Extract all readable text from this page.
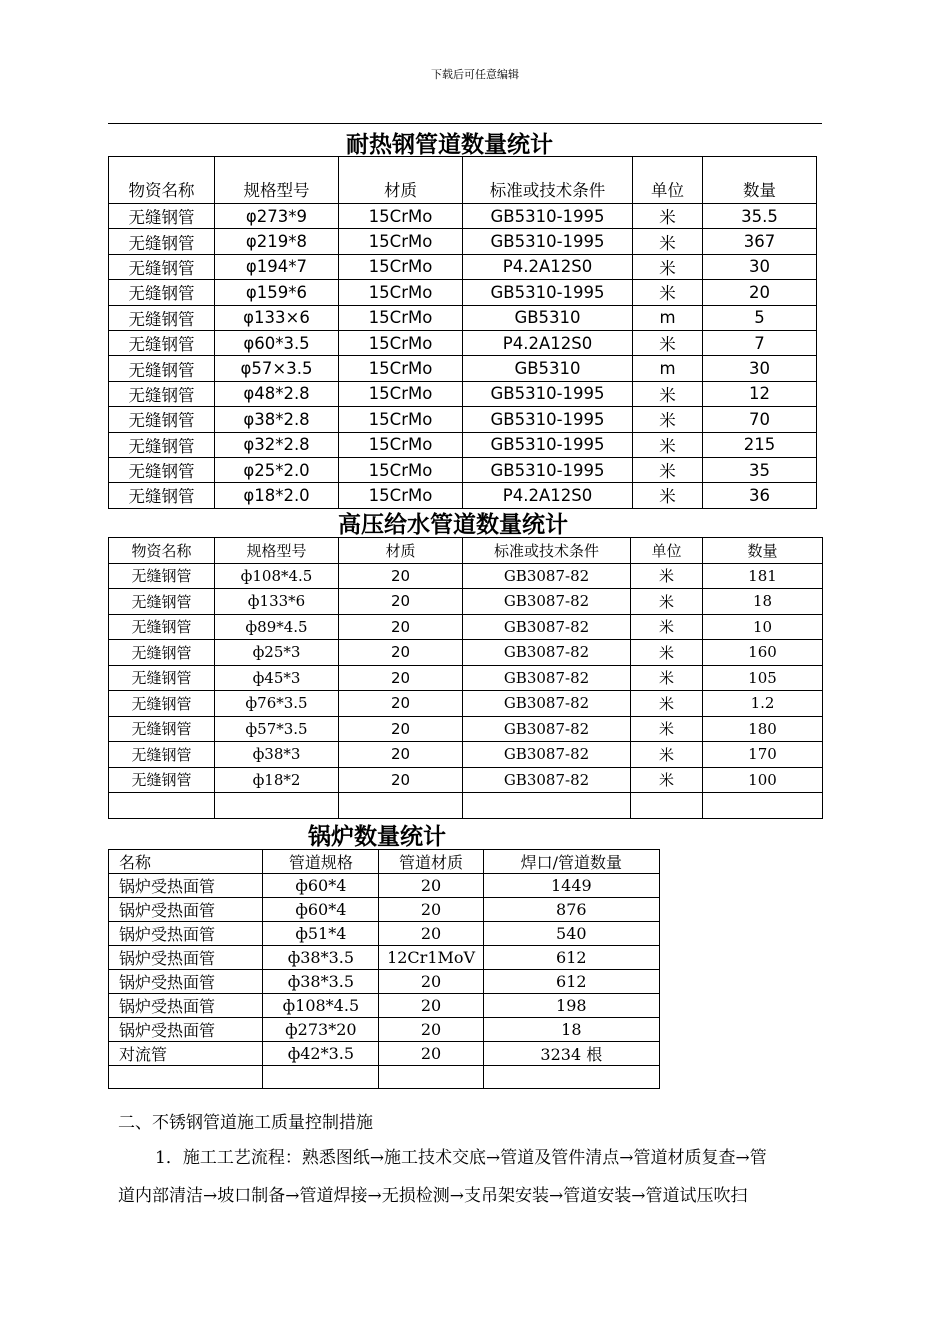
下载后可任意编辑
耐热钢管道数量统计
物资名称	规格型号	材质	标准或技术条件	单位	数量
无缝钢管	φ273*9	15CrMo	GB5310-1995	米	35.5
无缝钢管	φ219*8	15CrMo	GB5310-1995	米	367
无缝钢管	φ194*7	15CrMo	P4.2A12S0	米	30
无缝钢管	φ159*6	15CrMo	GB5310-1995	米	20
无缝钢管	φ133×6	15CrMo	GB5310	m	5
无缝钢管	φ60*3.5	15CrMo	P4.2A12S0	米	7
无缝钢管	φ57×3.5	15CrMo	GB5310	m	30
无缝钢管	φ48*2.8	15CrMo	GB5310-1995	米	12
无缝钢管	φ38*2.8	15CrMo	GB5310-1995	米	70
无缝钢管	φ32*2.8	15CrMo	GB5310-1995	米	215
无缝钢管	φ25*2.0	15CrMo	GB5310-1995	米	35
无缝钢管	φ18*2.0	15CrMo	P4.2A12S0	米	36
高压给水管道数量统计
物资名称	规格型号	材质	标准或技术条件	单位	数量
无缝钢管	ф108*4.5	20	GB3087-82	米	181
无缝钢管	ф133*6	20	GB3087-82	米	18
无缝钢管	ф89*4.5	20	GB3087-82	米	10
无缝钢管	ф25*3	20	GB3087-82	米	160
无缝钢管	ф45*3	20	GB3087-82	米	105
无缝钢管	ф76*3.5	20	GB3087-82	米	1.2
无缝钢管	ф57*3.5	20	GB3087-82	米	180
无缝钢管	ф38*3	20	GB3087-82	米	170
无缝钢管	ф18*2	20	GB3087-82	米	100

锅炉数量统计
名称	管道规格	管道材质	焊口/管道数量
锅炉受热面管	ф60*4	20	1449
锅炉受热面管	ф60*4	20	876
锅炉受热面管	ф51*4	20	540
锅炉受热面管	ф38*3.5	12Cr1MoV	612
锅炉受热面管	ф38*3.5	20	612
锅炉受热面管	ф108*4.5	20	198
锅炉受热面管	ф273*20	20	18
对流管	ф42*3.5	20	3234 根

二、不锈钢管道施工质量控制措施
1．施工工艺流程：熟悉图纸→施工技术交底→管道及管件清点→管道材质复查→管
道内部清洁→坡口制备→管道焊接→无损检测→支吊架安装→管道安装→管道试压吹扫
